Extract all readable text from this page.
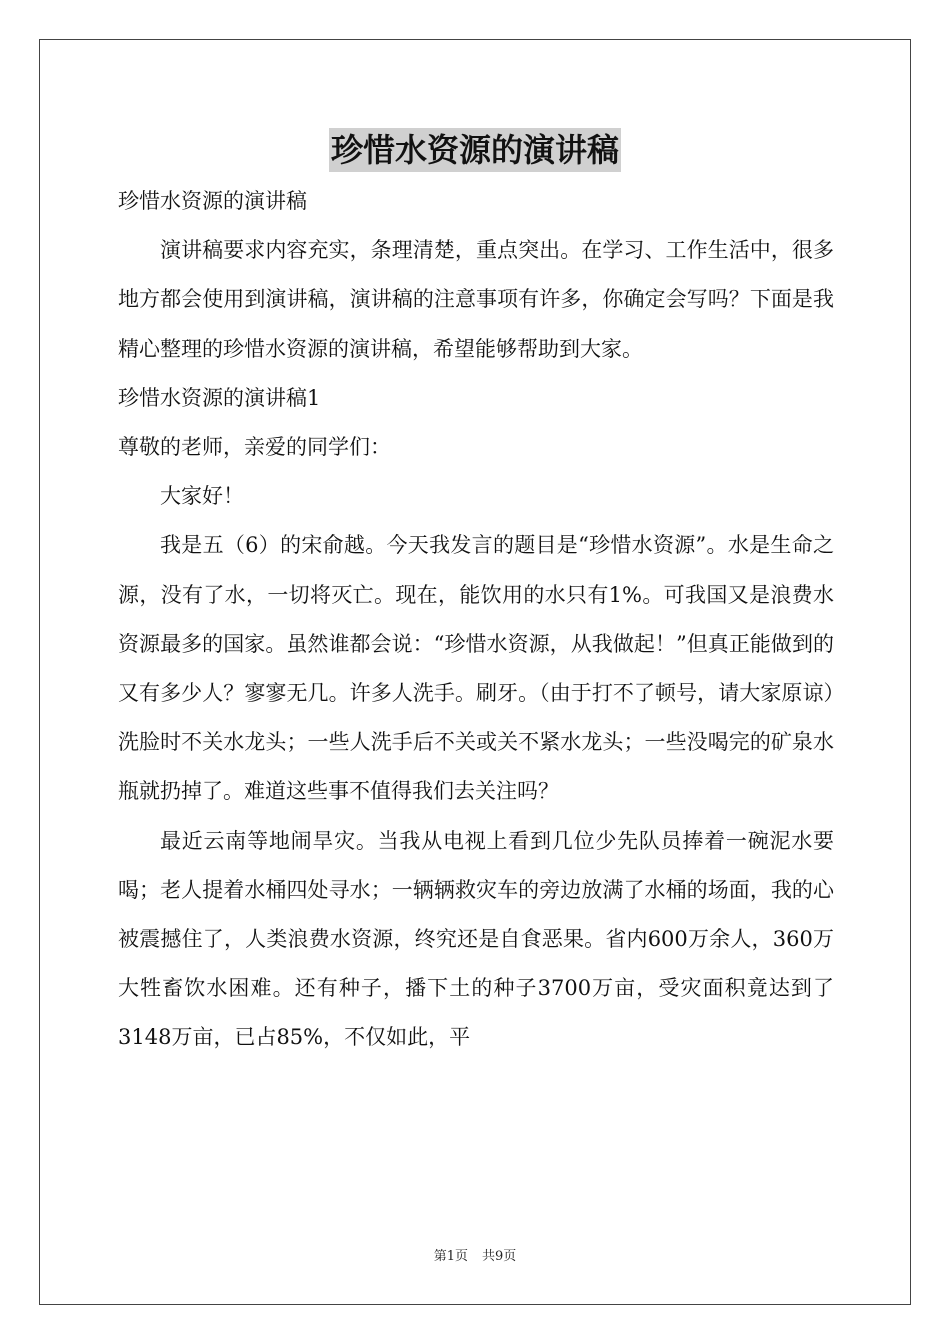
珍惜水资源的演讲稿

珍惜水资源的演讲稿

演讲稿要求内容充实，条理清楚，重点突出。在学习、工作生活中，很多地方都会使用到演讲稿，演讲稿的注意事项有许多，你确定会写吗？下面是我精心整理的珍惜水资源的演讲稿，希望能够帮助到大家。

珍惜水资源的演讲稿1

尊敬的老师，亲爱的同学们：

大家好！

我是五（6）的宋俞越。今天我发言的题目是“珍惜水资源”。水是生命之源，没有了水，一切将灭亡。现在，能饮用的水只有1%。可我国又是浪费水资源最多的国家。虽然谁都会说：“珍惜水资源，从我做起！”但真正能做到的又有多少人？寥寥无几。许多人洗手。刷牙。（由于打不了顿号，请大家原谅）洗脸时不关水龙头；一些人洗手后不关或关不紧水龙头；一些没喝完的矿泉水瓶就扔掉了。难道这些事不值得我们去关注吗？

最近云南等地闹旱灾。当我从电视上看到几位少先队员捧着一碗泥水要喝；老人提着水桶四处寻水；一辆辆救灾车的旁边放满了水桶的场面，我的心被震撼住了，人类浪费水资源，终究还是自食恶果。省内600万余人，360万大牲畜饮水困难。还有种子，播下土的种子3700万亩，受灾面积竟达到了3148万亩，已占85%，不仅如此，平

第1页 共9页
